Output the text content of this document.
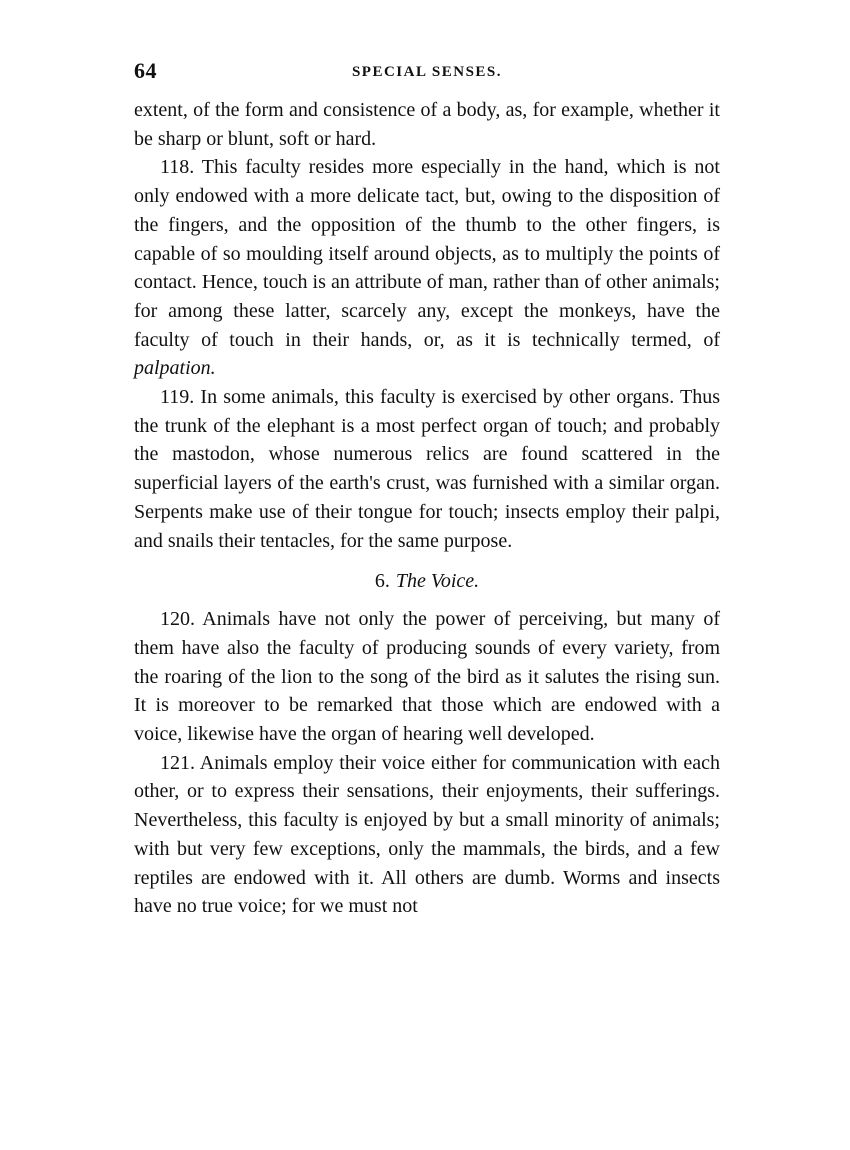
64	SPECIAL SENSES.

extent, of the form and consistence of a body, as, for example, whether it be sharp or blunt, soft or hard.

118. This faculty resides more especially in the hand, which is not only endowed with a more delicate tact, but, owing to the disposition of the fingers, and the opposition of the thumb to the other fingers, is capable of so moulding itself around objects, as to multiply the points of contact. Hence, touch is an attribute of man, rather than of other animals; for among these latter, scarcely any, except the monkeys, have the faculty of touch in their hands, or, as it is technically termed, of palpation.

119. In some animals, this faculty is exercised by other organs. Thus the trunk of the elephant is a most perfect organ of touch; and probably the mastodon, whose numerous relics are found scattered in the superficial layers of the earth's crust, was furnished with a similar organ. Serpents make use of their tongue for touch; insects employ their palpi, and snails their tentacles, for the same purpose.

6. The Voice.

120. Animals have not only the power of perceiving, but many of them have also the faculty of producing sounds of every variety, from the roaring of the lion to the song of the bird as it salutes the rising sun. It is moreover to be remarked that those which are endowed with a voice, likewise have the organ of hearing well developed.

121. Animals employ their voice either for communication with each other, or to express their sensations, their enjoyments, their sufferings. Nevertheless, this faculty is enjoyed by but a small minority of animals; with but very few exceptions, only the mammals, the birds, and a few reptiles are endowed with it. All others are dumb. Worms and insects have no true voice; for we must not
